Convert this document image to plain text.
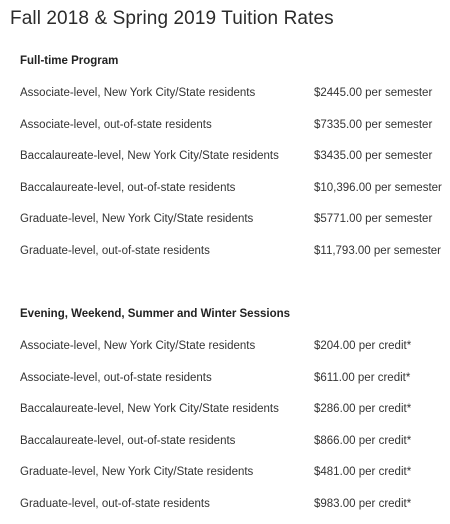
Fall 2018 & Spring 2019 Tuition Rates
Full-time Program
Associate-level, New York City/State residents	$2445.00 per semester
Associate-level, out-of-state residents	$7335.00 per semester
Baccalaureate-level, New York City/State residents	$3435.00 per semester
Baccalaureate-level, out-of-state residents	$10,396.00 per semester
Graduate-level, New York City/State residents	$5771.00 per semester
Graduate-level, out-of-state residents	$11,793.00 per semester
Evening, Weekend, Summer and Winter Sessions
Associate-level, New York City/State residents	$204.00 per credit*
Associate-level, out-of-state residents	$611.00 per credit*
Baccalaureate-level, New York City/State residents	$286.00 per credit*
Baccalaureate-level, out-of-state residents	$866.00 per credit*
Graduate-level, New York City/State residents	$481.00 per credit*
Graduate-level, out-of-state residents	$983.00 per credit*
